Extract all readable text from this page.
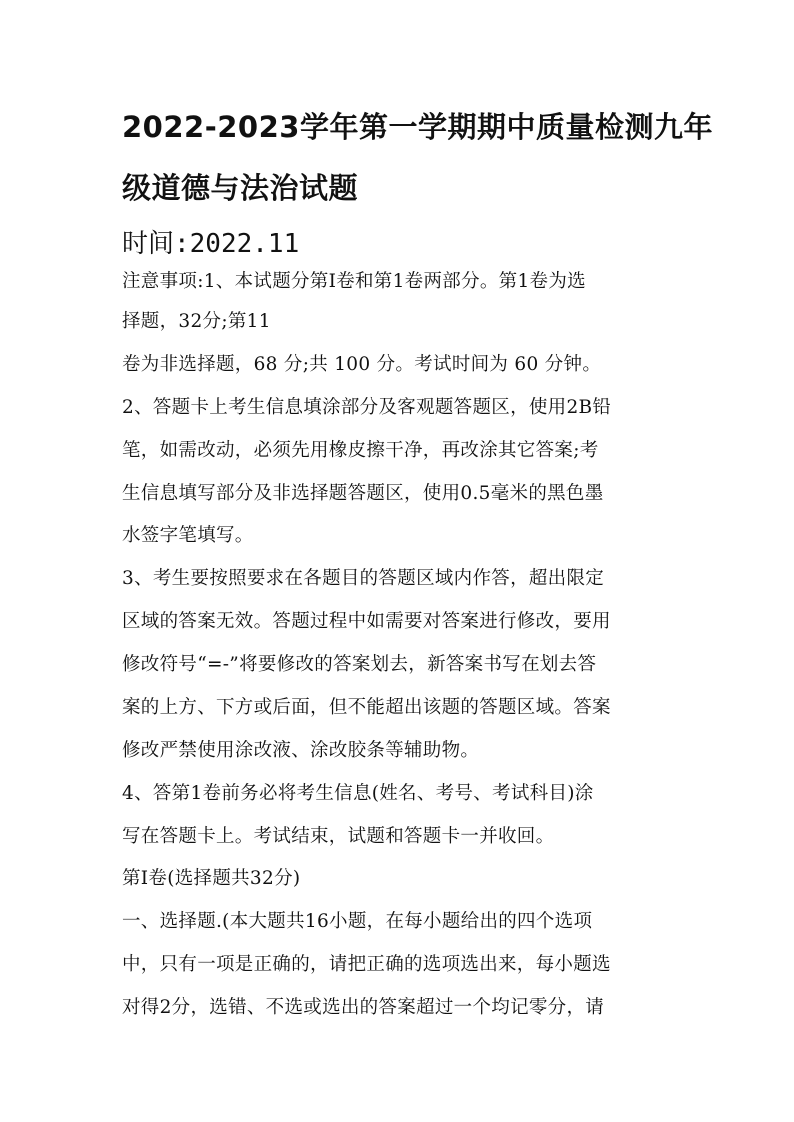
2022-2023学年第一学期期中质量检测九年
级道德与法治试题
时间:2022.11
注意事项:1、本试题分第Ⅰ卷和第1卷两部分。第1卷为选
择题，32分;第11
卷为非选择题，68 分;共 100 分。考试时间为 60 分钟。
2、答题卡上考生信息填涂部分及客观题答题区，使用2B铅
笔，如需改动，必须先用橡皮擦干净，再改涂其它答案;考
生信息填写部分及非选择题答题区，使用0.5毫米的黑色墨
水签字笔填写。
3、考生要按照要求在各题目的答题区域内作答，超出限定
区域的答案无效。答题过程中如需要对答案进行修改，要用
修改符号“=-”将要修改的答案划去，新答案书写在划去答
案的上方、下方或后面，但不能超出该题的答题区域。答案
修改严禁使用涂改液、涂改胶条等辅助物。
4、答第1卷前务必将考生信息(姓名、考号、考试科目)涂
写在答题卡上。考试结束，试题和答题卡一并收回。
第Ⅰ卷(选择题共32分)
一、选择题.(本大题共16小题，在每小题给出的四个选项
中，只有一项是正确的，请把正确的选项选出来，每小题选
对得2分，选错、不选或选出的答案超过一个均记零分，请
